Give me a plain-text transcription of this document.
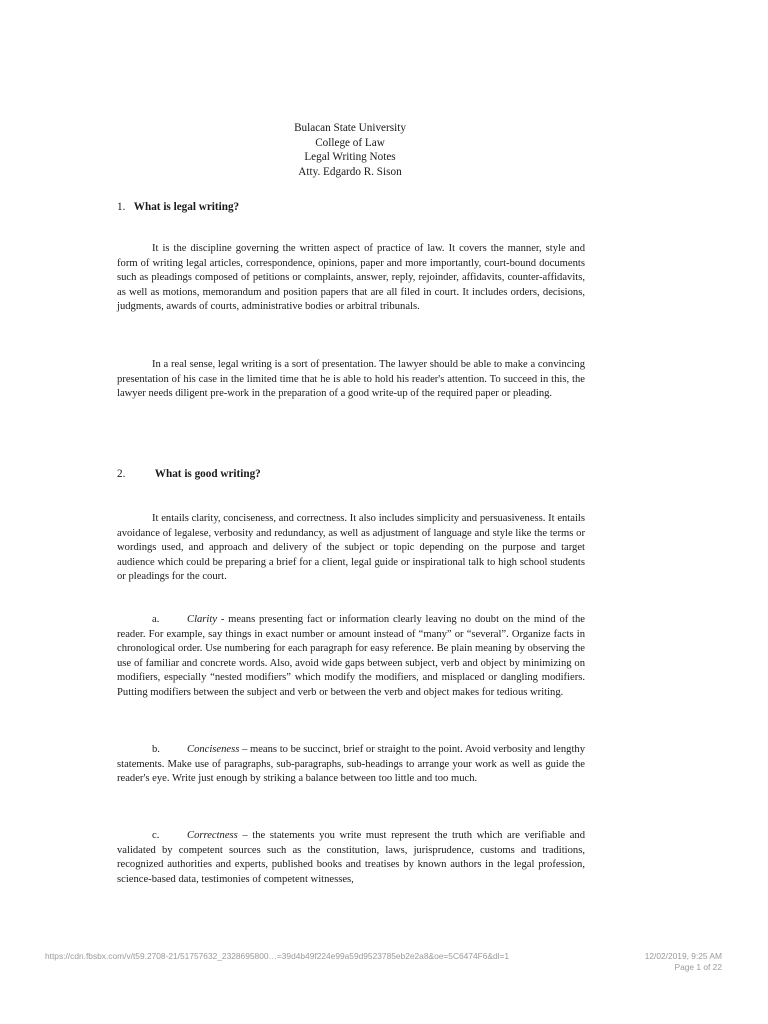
Bulacan State University
College of Law
Legal Writing Notes
Atty. Edgardo R. Sison
1. What is legal writing?

It is the discipline governing the written aspect of practice of law. It covers the manner, style and form of writing legal articles, correspondence, opinions, paper and more importantly, court-bound documents such as pleadings composed of petitions or complaints, answer, reply, rejoinder, affidavits, counter-affidavits, as well as motions, memorandum and position papers that are all filed in court. It includes orders, decisions, judgments, awards of courts, administrative bodies or arbitral tribunals.

In a real sense, legal writing is a sort of presentation. The lawyer should be able to make a convincing presentation of his case in the limited time that he is able to hold his reader's attention. To succeed in this, the lawyer needs diligent pre-work in the preparation of a good write-up of the required paper or pleading.

2.	What is good writing?

It entails clarity, conciseness, and correctness. It also includes simplicity and persuasiveness. It entails avoidance of legalese, verbosity and redundancy, as well as adjustment of language and style like the terms or wordings used, and approach and delivery of the subject or topic depending on the purpose and target audience which could be preparing a brief for a client, legal guide or inspirational talk to high school students or pleadings for the court.

a.	Clarity - means presenting fact or information clearly leaving no doubt on the mind of the reader. For example, say things in exact number or amount instead of “many” or “several”. Organize facts in chronological order. Use numbering for each paragraph for easy reference. Be plain meaning by observing the use of familiar and concrete words. Also, avoid wide gaps between subject, verb and object by minimizing on modifiers, especially “nested modifiers” which modify the modifiers, and misplaced or dangling modifiers. Putting modifiers between the subject and verb or between the verb and object makes for tedious writing.

b.	Conciseness – means to be succinct, brief or straight to the point. Avoid verbosity and lengthy statements. Make use of paragraphs, sub-paragraphs, sub-headings to arrange your work as well as guide the reader's eye. Write just enough by striking a balance between too little and too much.

c.	Correctness – the statements you write must represent the truth which are verifiable and validated by competent sources such as the constitution, laws, jurisprudence, customs and traditions, recognized authorities and experts, published books and treatises by known authors in the legal profession, science-based data, testimonies of competent witnesses,

https://cdn.fbsbx.com/v/t59.2708-21/51757632_2328695800…=39d4b49f224e99a59d9523785eb2e2a8&oe=5C6474F6&dl=1	12/02/2019, 9:25 AM
Page 1 of 22
